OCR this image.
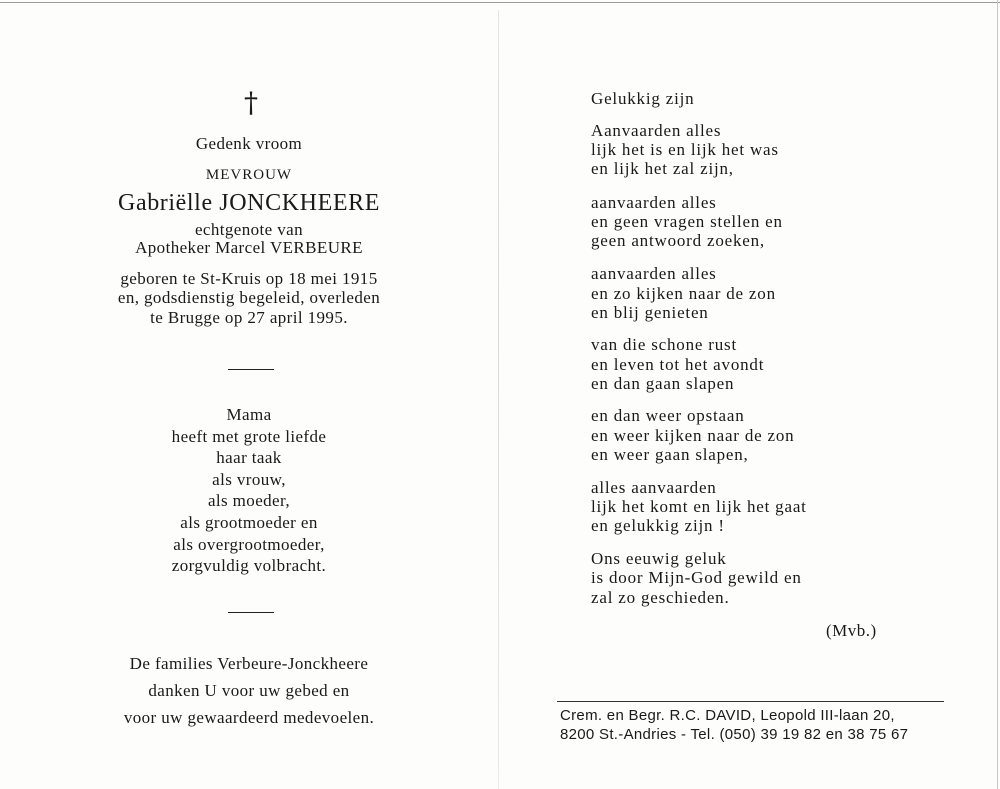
†
Gedenk vroom
MEVROUW
Gabriëlle JONCKHEERE
echtgenote van
Apotheker Marcel VERBEURE
geboren te St-Kruis op 18 mei 1915
en, godsdienstig begeleid, overleden
te Brugge op 27 april 1995.
Mama
heeft met grote liefde
haar taak
als vrouw,
als moeder,
als grootmoeder en
als overgrootmoeder,
zorgvuldig volbracht.
De families Verbeure-Jonckheere
danken U voor uw gebed en
voor uw gewaardeerd medevoelen.
Gelukkig zijn
Aanvaarden alles
lijk het is en lijk het was
en lijk het zal zijn,
aanvaarden alles
en geen vragen stellen en
geen antwoord zoeken,
aanvaarden alles
en zo kijken naar de zon
en blij genieten
van die schone rust
en leven tot het avondt
en dan gaan slapen
en dan weer opstaan
en weer kijken naar de zon
en weer gaan slapen,
alles aanvaarden
lijk het komt en lijk het gaat
en gelukkig zijn !
Ons eeuwig geluk
is door Mijn-God gewild en
zal zo geschieden.
(Mvb.)
Crem. en Begr. R.C. DAVID, Leopold III-laan 20,
8200 St.-Andries - Tel. (050) 39 19 82 en 38 75 67
